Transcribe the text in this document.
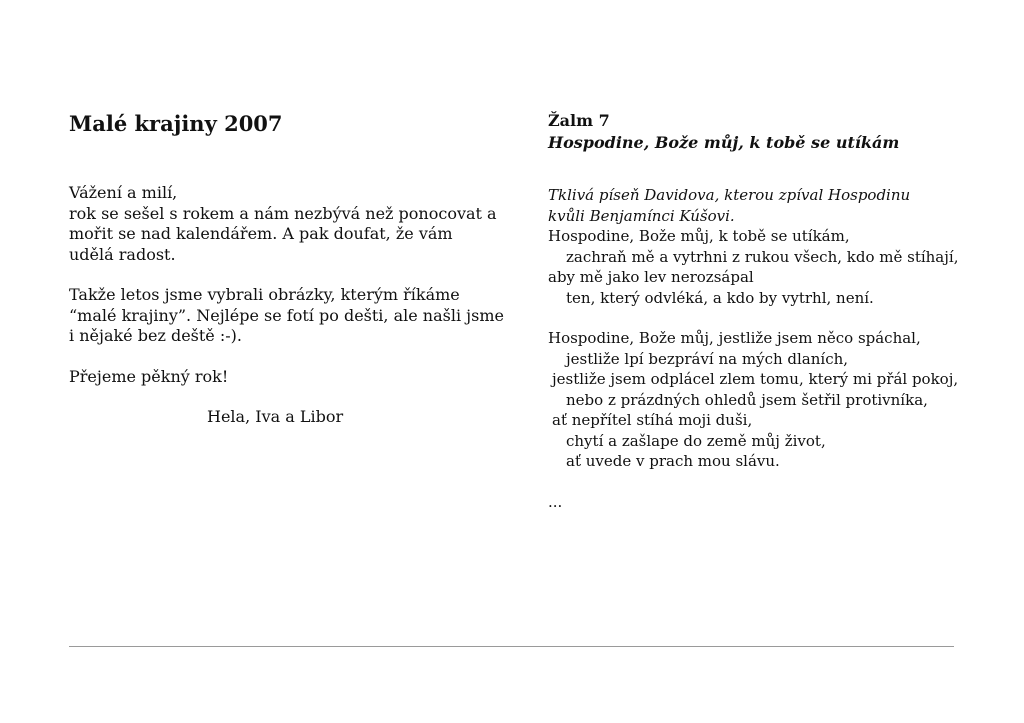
Malé krajiny 2007
Vážení a milí,
rok se sešel s rokem a nám nezbývá než ponocovat a
mořit se nad kalendářem. A pak doufat, že vám
udělá radost.
Takže letos jsme vybrali obrázky, kterým říkáme
“malé krajiny”. Nejlépe se fotí po dešti, ale našli jsme
i nějaké bez deště :-).
Přejeme pěkný rok!
Hela, Iva a Libor
Žalm 7
Hospodine, Bože můj, k tobě se utíkám
Tklivá píseň Davidova, kterou zpíval Hospodinu
kvůli Benjamínci Kúšovi.
Hospodine, Bože můj, k tobě se utíkám,
zachraň mě a vytrhni z rukou všech, kdo mě stíhají,
aby mě jako lev nerozsápal
ten, který odvléká, a kdo by vytrhl, není.
Hospodine, Bože můj, jestliže jsem něco spáchal,
jestliže lpí bezpráví na mých dlaních,
jestliže jsem odplácel zlem tomu, který mi přál pokoj,
nebo z prázdných ohledů jsem šetřil protivníka,
ať nepřítel stíhá moji duši,
chytí a zašlape do země můj život,
ať uvede v prach mou slávu.
...
